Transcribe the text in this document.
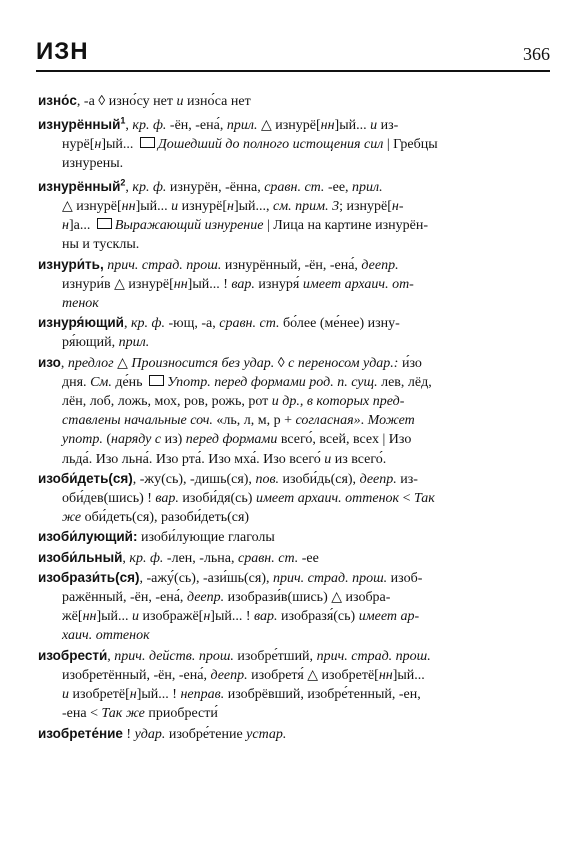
ИЗН	366

изно́с, -а ◊ изно́су нет и изно́са нет

изнурённый$^1$, кр. ф. -ён, -ена́, прил. △ изнурё[нн]ый... и из-
нурё[н]ый... Дошедший до полного истощения сил | Гребцы
изнурены.

изнурённый$^2$, кр. ф. изнурён, -ённа, сравн. ст. -ее, прил.
△ изнурё[нн]ый... и изнурё[н]ый..., см. прим. 3; изнурё[н-
н]а... Выражающий изнурение | Лица на картине изнурён-
ны и тусклы.

изнури́ть, прич. страд. прош. изнурённый, -ён, -ена́, деепр.
изнури́в △ изнурё[нн]ый... ! вар. изнуря́ имеет архаич. от-
тенок

изнуря́ющий, кр. ф. -ющ, -а, сравн. ст. бо́лее (ме́нее) изну-
ря́ющий, прил.

изо, предлог △ Произносится без удар. ◊ с переносом удар.: и́зо
дня. См. де́нь Употр. перед формами род. п. сущ. лев, лёд,
лён, лоб, ложь, мох, ров, рожь, рот и др., в которых пред-
ставлены начальные соч. «ль, л, м, р + согласная». Может
употр. (наряду с из) перед формами всего́, всей, всех | Изо
льда́. Изо льна́. Изо рта́. Изо мха́. Изо всего́ и из всего́.

изоби́деть(ся), -жу(сь), -дишь(ся), пов. изоби́дь(ся), деепр. из-
оби́дев(шись) ! вар. изоби́дя(сь) имеет архаич. оттенок < Так
же оби́деть(ся), разоби́деть(ся)

изоби́лующий: изоби́лующие глаголы

изоби́льный, кр. ф. -лен, -льна, сравн. ст. -ее

изобрази́ть(ся), -ажу́(сь), -ази́шь(ся), прич. страд. прош. изоб-
ражённый, -ён, -ена́, деепр. изобрази́в(шись) △ изобра-
жё[нн]ый... и изображё[н]ый... ! вар. изобразя́(сь) имеет ар-
хаич. оттенок

изобрести́, прич. действ. прош. изобре́тший, прич. страд. прош.
изобретённый, -ён, -ена́, деепр. изобретя́ △ изобретё[нн]ый...
и изобретё[н]ый... ! неправ. изобрёвший, изобре́тенный, -ен,
-ена < Так же приобрести́

изобрете́ние ! удар. изобре́тение устар.
